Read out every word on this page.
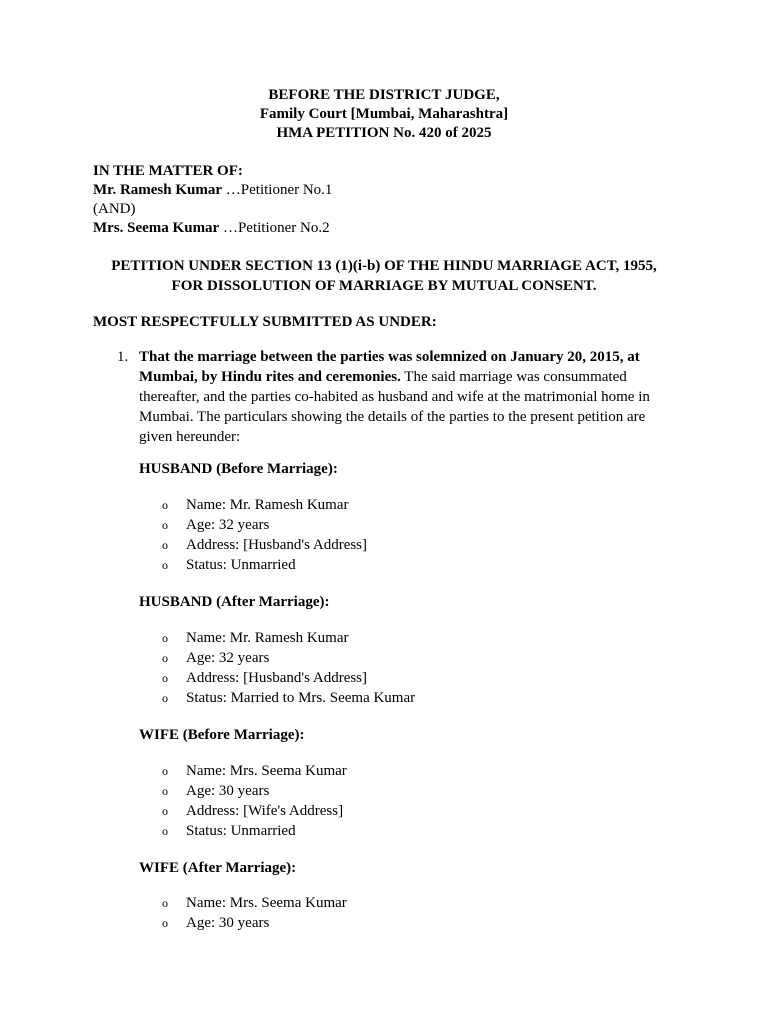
BEFORE THE DISTRICT JUDGE,
Family Court [Mumbai, Maharashtra]
HMA PETITION No. 420 of 2025
IN THE MATTER OF:
Mr. Ramesh Kumar …Petitioner No.1
(AND)
Mrs. Seema Kumar …Petitioner No.2
PETITION UNDER SECTION 13 (1)(i-b) OF THE HINDU MARRIAGE ACT, 1955,
FOR DISSOLUTION OF MARRIAGE BY MUTUAL CONSENT.
MOST RESPECTFULLY SUBMITTED AS UNDER:
1. That the marriage between the parties was solemnized on January 20, 2015, at Mumbai, by Hindu rites and ceremonies. The said marriage was consummated thereafter, and the parties co-habited as husband and wife at the matrimonial home in Mumbai. The particulars showing the details of the parties to the present petition are given hereunder:
HUSBAND (Before Marriage):
o Name: Mr. Ramesh Kumar
o Age: 32 years
o Address: [Husband's Address]
o Status: Unmarried
HUSBAND (After Marriage):
o Name: Mr. Ramesh Kumar
o Age: 32 years
o Address: [Husband's Address]
o Status: Married to Mrs. Seema Kumar
WIFE (Before Marriage):
o Name: Mrs. Seema Kumar
o Age: 30 years
o Address: [Wife's Address]
o Status: Unmarried
WIFE (After Marriage):
o Name: Mrs. Seema Kumar
o Age: 30 years
